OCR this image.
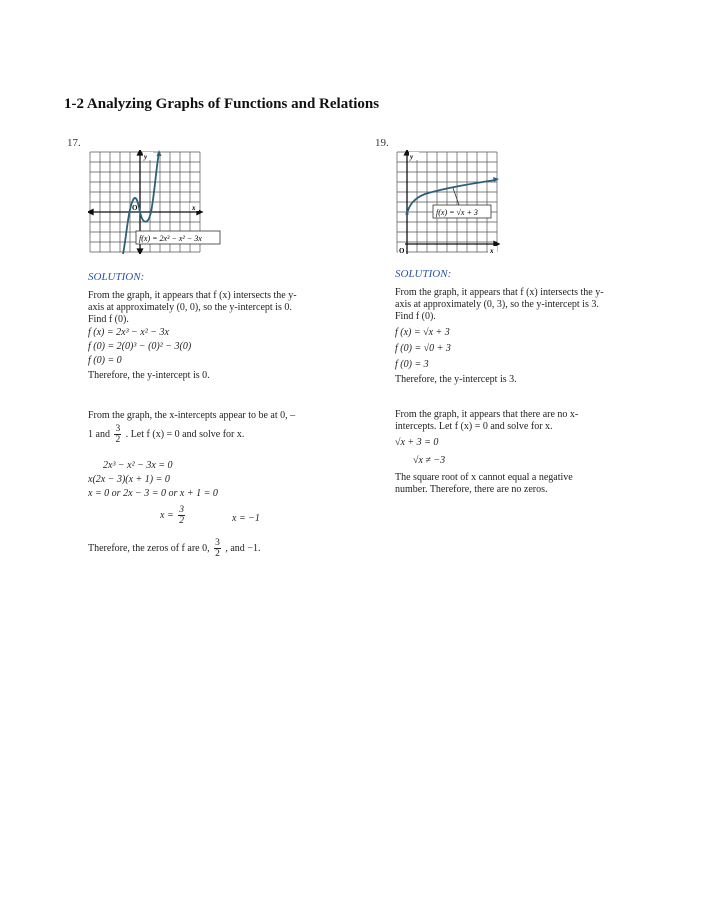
1-2 Analyzing Graphs of Functions and Relations
17.
y
x
O
f(x) = 2x³ − x² − 3x
SOLUTION:
From the graph, it appears that f (x) intersects the y-
axis at approximately (0, 0), so the y-intercept is 0.
Find f (0).
f (x) = 2x³ − x² − 3x
f (0) = 2(0)³ − (0)² − 3(0)
f (0) = 0
Therefore, the y-intercept is 0.
From the graph, the x-intercepts appear to be at 0, –
1 and $\frac{3}{2}$ . Let f (x) = 0 and solve for x.
2x³ − x² − 3x = 0
x(2x − 3)(x + 1) = 0
x = 0 or 2x − 3 = 0 or x + 1 = 0
$x = \frac{3}{2}$	x = −1
Therefore, the zeros of f are 0, $\frac{3}{2}$ , and −1.
19.
y
x
O
f(x) = √x + 3
SOLUTION:
From the graph, it appears that f (x) intersects the y-
axis at approximately (0, 3), so the y-intercept is 3.
Find f (0).
f (x) = √x + 3
f (0) = √0 + 3
f (0) = 3
Therefore, the y-intercept is 3.
From the graph, it appears that there are no x-
intercepts. Let f (x) = 0 and solve for x.
√x + 3 = 0
√x ≠ −3
The square root of x cannot equal a negative
number. Therefore, there are no zeros.
